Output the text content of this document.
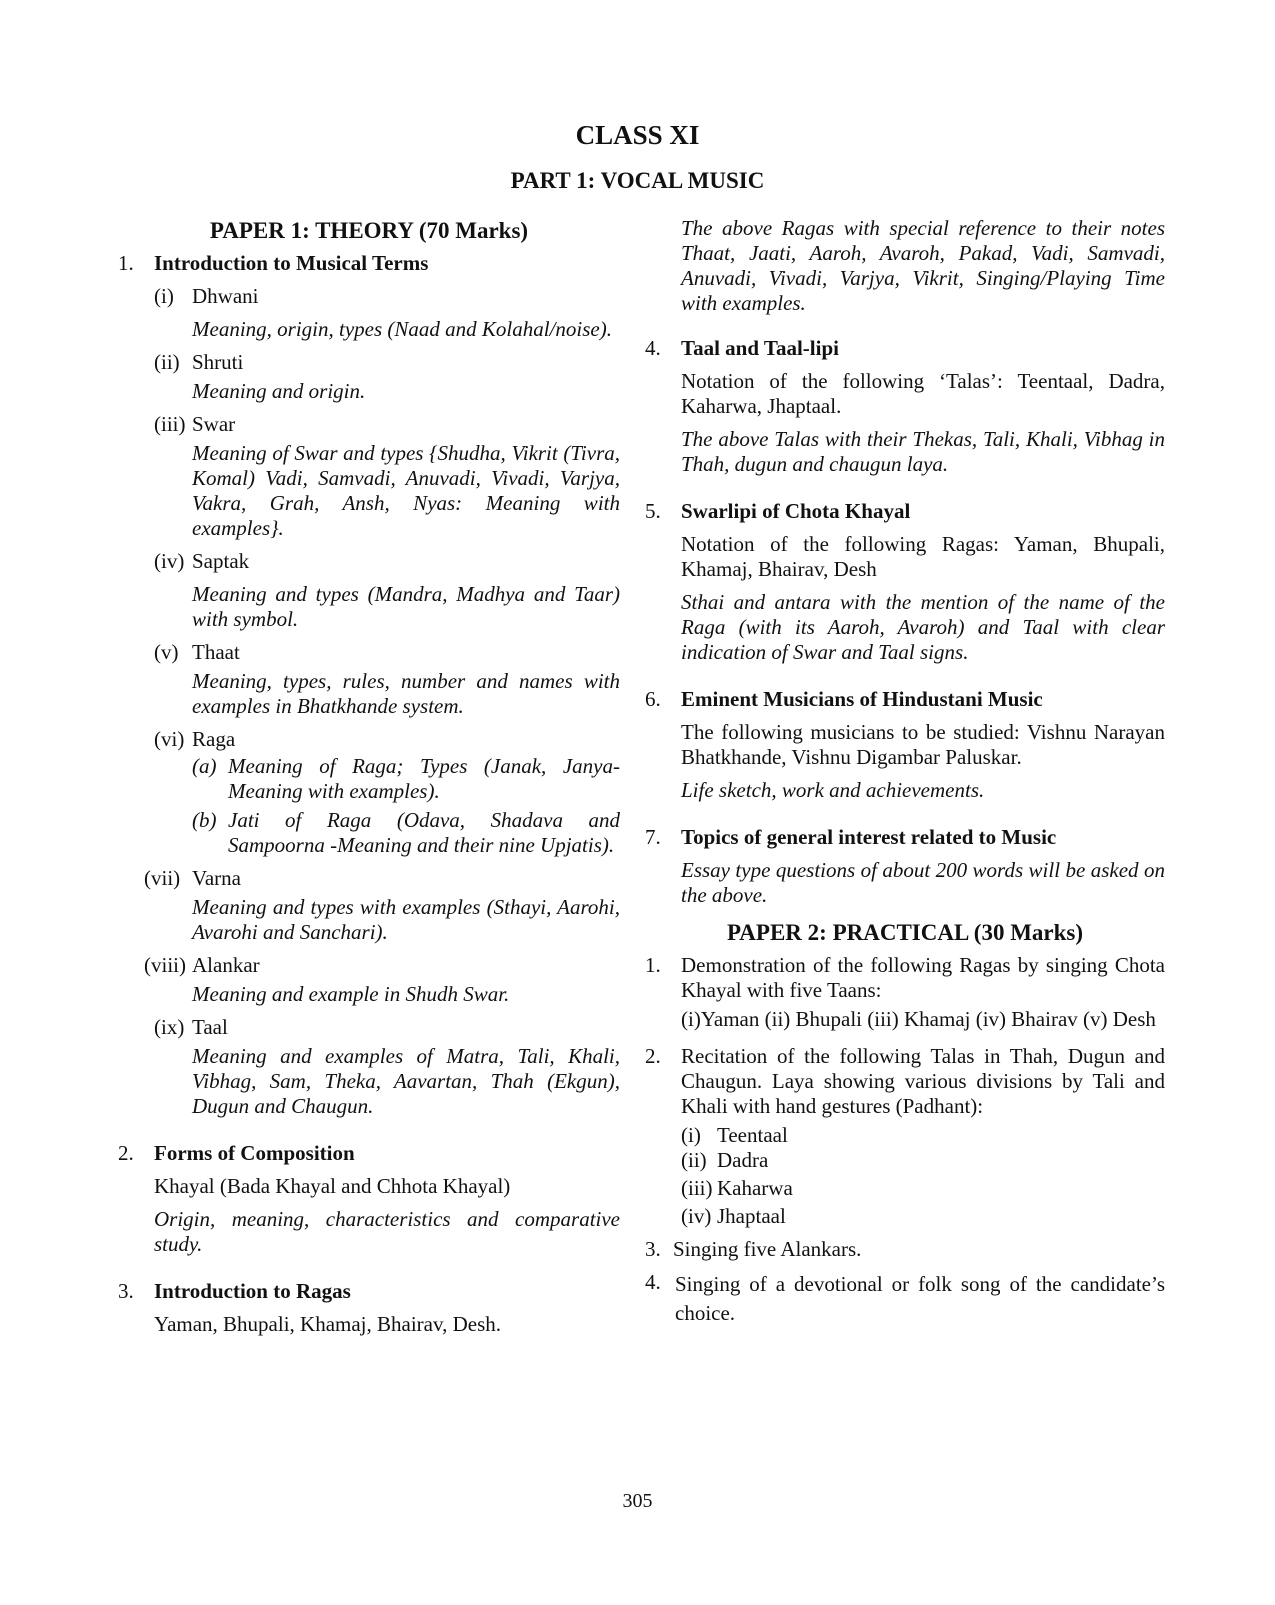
CLASS XI
PART 1: VOCAL MUSIC
PAPER 1: THEORY (70 Marks)
1. Introduction to Musical Terms
(i) Dhwani
Meaning, origin, types (Naad and Kolahal/noise).
(ii) Shruti
Meaning and origin.
(iii) Swar
Meaning of Swar and types {Shudha, Vikrit (Tivra, Komal) Vadi, Samvadi, Anuvadi, Vivadi, Varjya, Vakra, Grah, Ansh, Nyas: Meaning with examples}.
(iv) Saptak
Meaning and types (Mandra, Madhya and Taar) with symbol.
(v) Thaat
Meaning, types, rules, number and names with examples in Bhatkhande system.
(vi) Raga
(a) Meaning of Raga; Types (Janak, Janya-Meaning with examples).
(b) Jati of Raga (Odava, Shadava and Sampoorna -Meaning and their nine Upjatis).
(vii) Varna
Meaning and types with examples (Sthayi, Aarohi, Avarohi and Sanchari).
(viii) Alankar
Meaning and example in Shudh Swar.
(ix) Taal
Meaning and examples of Matra, Tali, Khali, Vibhag, Sam, Theka, Aavartan, Thah (Ekgun), Dugun and Chaugun.
2. Forms of Composition
Khayal (Bada Khayal and Chhota Khayal)
Origin, meaning, characteristics and comparative study.
3. Introduction to Ragas
Yaman, Bhupali, Khamaj, Bhairav, Desh.
The above Ragas with special reference to their notes Thaat, Jaati, Aaroh, Avaroh, Pakad, Vadi, Samvadi, Anuvadi, Vivadi, Varjya, Vikrit, Singing/Playing Time with examples.
4. Taal and Taal-lipi
Notation of the following ‘Talas’: Teentaal, Dadra, Kaharwa, Jhaptaal.
The above Talas with their Thekas, Tali, Khali, Vibhag in Thah, dugun and chaugun laya.
5. Swarlipi of Chota Khayal
Notation of the following Ragas: Yaman, Bhupali, Khamaj, Bhairav, Desh
Sthai and antara with the mention of the name of the Raga (with its Aaroh, Avaroh) and Taal with clear indication of Swar and Taal signs.
6. Eminent Musicians of Hindustani Music
The following musicians to be studied: Vishnu Narayan Bhatkhande, Vishnu Digambar Paluskar.
Life sketch, work and achievements.
7. Topics of general interest related to Music
Essay type questions of about 200 words will be asked on the above.
PAPER 2: PRACTICAL (30 Marks)
1. Demonstration of the following Ragas by singing Chota Khayal with five Taans:
(i)Yaman (ii) Bhupali (iii) Khamaj (iv) Bhairav (v) Desh
2. Recitation of the following Talas in Thah, Dugun and Chaugun. Laya showing various divisions by Tali and Khali with hand gestures (Padhant):
(i) Teentaal
(ii) Dadra
(iii) Kaharwa
(iv) Jhaptaal
3. Singing five Alankars.
4. Singing of a devotional or folk song of the candidate’s choice.
305
